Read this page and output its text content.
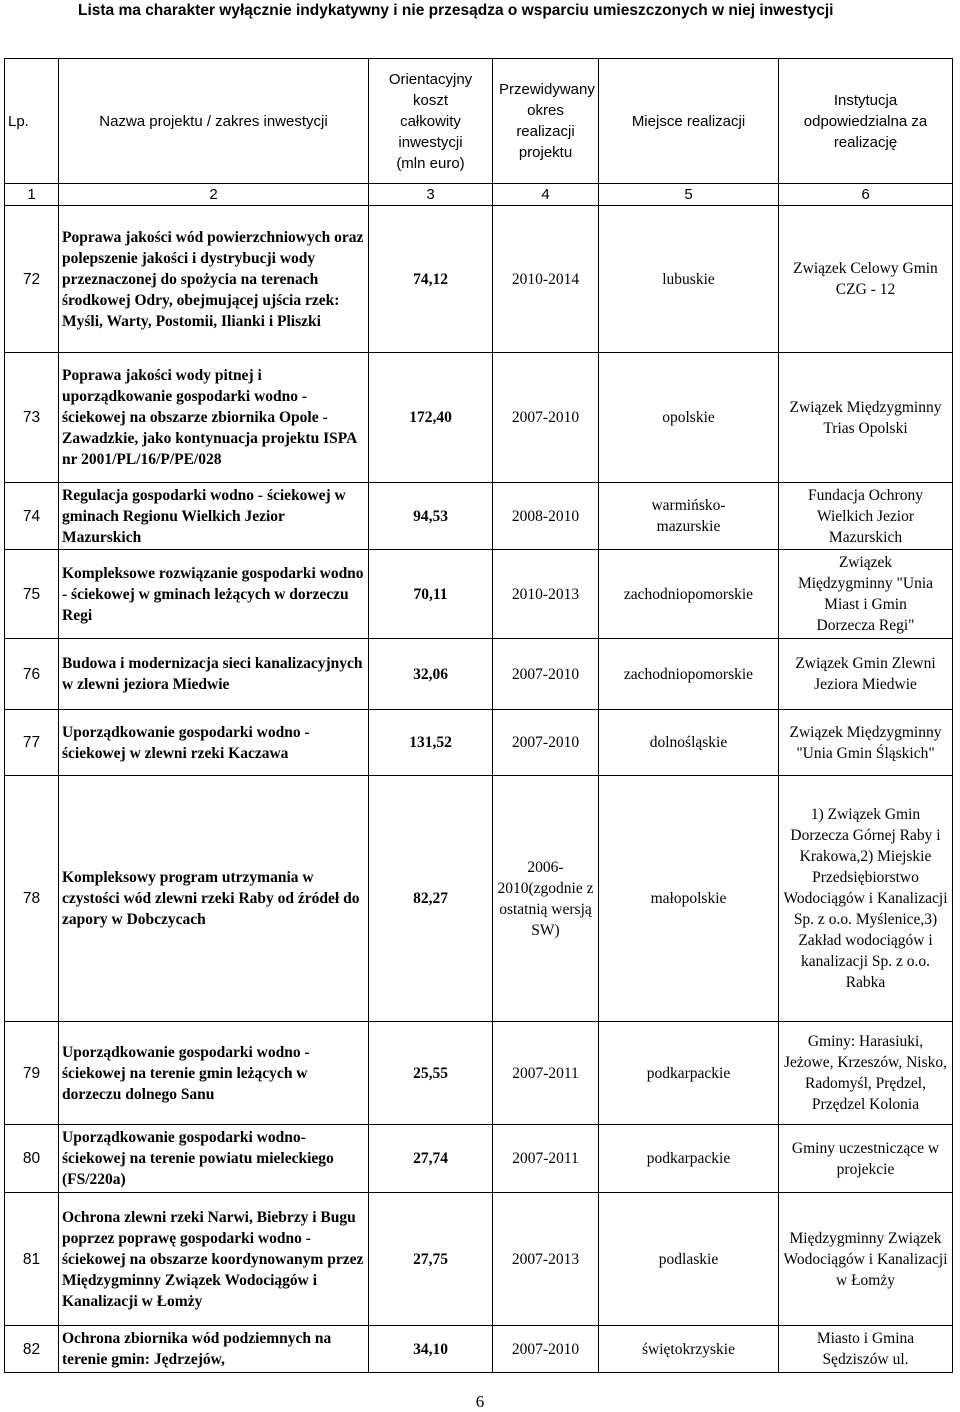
Lista ma charakter wyłącznie indykatywny i nie przesądza o wsparciu umieszczonych w niej inwestycji
Lp.	Nazwa projektu / zakres inwestycji	Orientacyjny koszt całkowity inwestycji (mln euro)	Przewidywany okres realizacji projektu	Miejsce realizacji	Instytucja odpowiedzialna za realizację
1	2	3	4	5	6
72	Poprawa jakości wód powierzchniowych oraz polepszenie jakości i dystrybucji wody przeznaczonej do spożycia na terenach środkowej Odry, obejmującej ujścia rzek: Myśli, Warty, Postomii, Ilianki i Pliszki	74,12	2010-2014	lubuskie	Związek Celowy Gmin CZG - 12
73	Poprawa jakości wody pitnej i uporządkowanie gospodarki wodno - ściekowej na obszarze zbiornika Opole - Zawadzkie, jako kontynuacja projektu ISPA nr 2001/PL/16/P/PE/028	172,40	2007-2010	opolskie	Związek Międzygminny Trias Opolski
74	Regulacja gospodarki wodno - ściekowej w gminach Regionu Wielkich Jezior Mazurskich	94,53	2008-2010	warmińsko-mazurskie	Fundacja Ochrony Wielkich Jezior Mazurskich
75	Kompleksowe rozwiązanie gospodarki wodno - ściekowej w gminach leżących w dorzeczu Regi	70,11	2010-2013	zachodniopomorskie	Związek Międzygminny "Unia Miast i Gmin Dorzecza Regi"
76	Budowa i modernizacja sieci kanalizacyjnych w zlewni jeziora Miedwie	32,06	2007-2010	zachodniopomorskie	Związek Gmin Zlewni Jeziora Miedwie
77	Uporządkowanie gospodarki wodno - ściekowej w zlewni rzeki Kaczawa	131,52	2007-2010	dolnośląskie	Związek Międzygminny "Unia Gmin Śląskich"
78	Kompleksowy program utrzymania w czystości wód zlewni rzeki Raby od źródeł do zapory w Dobczycach	82,27	2006-2010(zgodnie z ostatnią wersją SW)	małopolskie	1) Związek Gmin Dorzecza Górnej Raby i Krakowa,2) Miejskie Przedsiębiorstwo Wodociągów i Kanalizacji Sp. z o.o. Myślenice,3) Zakład wodociągów i kanalizacji Sp. z o.o. Rabka
79	Uporządkowanie gospodarki wodno - ściekowej na terenie gmin leżących w dorzeczu dolnego Sanu	25,55	2007-2011	podkarpackie	Gminy: Harasiuki, Jeżowe, Krzeszów, Nisko, Radomyśl, Prędzel, Przędzel Kolonia
80	Uporządkowanie gospodarki wodno-ściekowej na terenie powiatu mieleckiego (FS/220a)	27,74	2007-2011	podkarpackie	Gminy uczestniczące w projekcie
81	Ochrona zlewni rzeki Narwi, Biebrzy i Bugu poprzez poprawę gospodarki wodno - ściekowej na obszarze koordynowanym przez Międzygminny Związek Wodociągów i Kanalizacji w Łomży	27,75	2007-2013	podlaskie	Międzygminny Związek Wodociągów i Kanalizacji w Łomży
82	Ochrona zbiornika wód podziemnych na terenie gmin: Jędrzejów,	34,10	2007-2010	świętokrzyskie	Miasto i Gmina Sędziszów ul.
6
